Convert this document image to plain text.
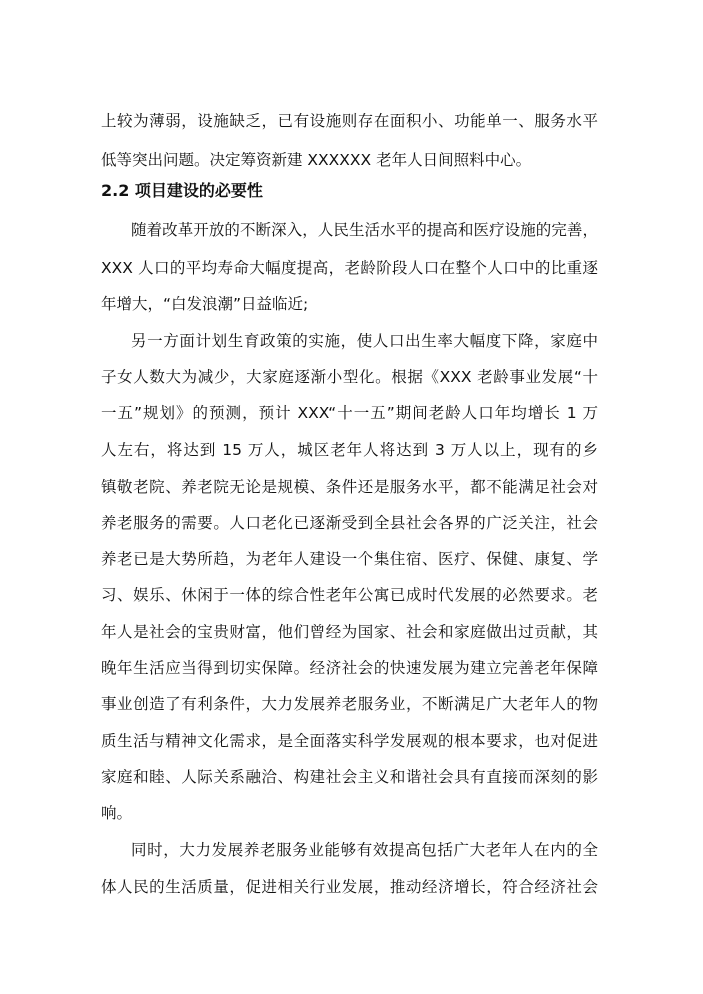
上较为薄弱，设施缺乏，已有设施则存在面积小、功能单一、服务水平
低等突出问题。决定筹资新建 XXXXXX 老年人日间照料中心。
2.2 项目建设的必要性
随着改革开放的不断深入，人民生活水平的提高和医疗设施的完善，
XXX 人口的平均寿命大幅度提高，老龄阶段人口在整个人口中的比重逐
年增大，“白发浪潮”日益临近;
另一方面计划生育政策的实施，使人口出生率大幅度下降，家庭中
子女人数大为减少，大家庭逐渐小型化。根据《XXX 老龄事业发展“十
一五”规划》的预测，预计 XXX“十一五”期间老龄人口年均增长 1 万
人左右，将达到 15 万人，城区老年人将达到 3 万人以上，现有的乡
镇敬老院、养老院无论是规模、条件还是服务水平，都不能满足社会对
养老服务的需要。人口老化已逐渐受到全县社会各界的广泛关注，社会
养老已是大势所趋，为老年人建设一个集住宿、医疗、保健、康复、学
习、娱乐、休闲于一体的综合性老年公寓已成时代发展的必然要求。老
年人是社会的宝贵财富，他们曾经为国家、社会和家庭做出过贡献，其
晚年生活应当得到切实保障。经济社会的快速发展为建立完善老年保障
事业创造了有利条件，大力发展养老服务业，不断满足广大老年人的物
质生活与精神文化需求，是全面落实科学发展观的根本要求，也对促进
家庭和睦、人际关系融洽、构建社会主义和谐社会具有直接而深刻的影
响。
同时，大力发展养老服务业能够有效提高包括广大老年人在内的全
体人民的生活质量，促进相关行业发展，推动经济增长，符合经济社会
